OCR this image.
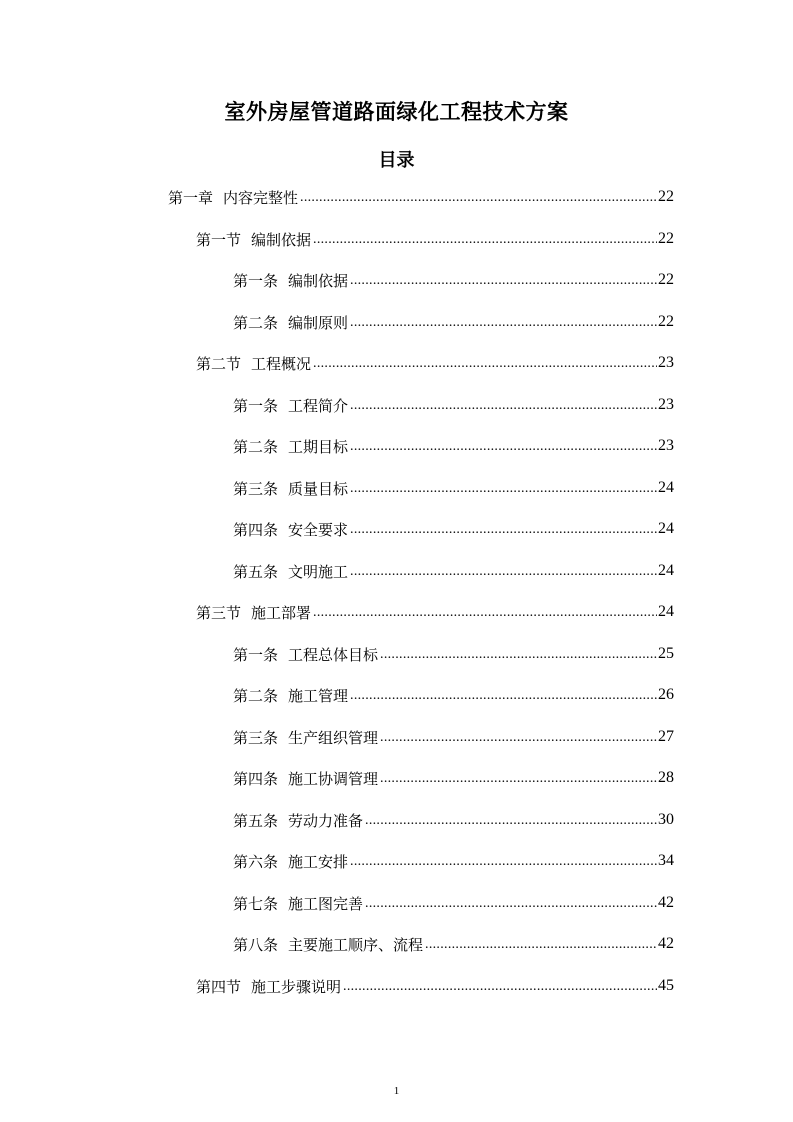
室外房屋管道路面绿化工程技术方案
目录
第一章 内容完整性 .....	22
第一节 编制依据 .....	22
第一条 编制依据 .....	22
第二条 编制原则 .....	22
第二节 工程概况 .....	23
第一条 工程简介 .....	23
第二条 工期目标 .....	23
第三条 质量目标 .....	24
第四条 安全要求 .....	24
第五条 文明施工 .....	24
第三节 施工部署 .....	24
第一条 工程总体目标 .....	25
第二条 施工管理 .....	26
第三条 生产组织管理 .....	27
第四条 施工协调管理 .....	28
第五条 劳动力准备 .....	30
第六条 施工安排 .....	34
第七条 施工图完善 .....	42
第八条 主要施工顺序、流程 .....	42
第四节 施工步骤说明 .....	45
1
